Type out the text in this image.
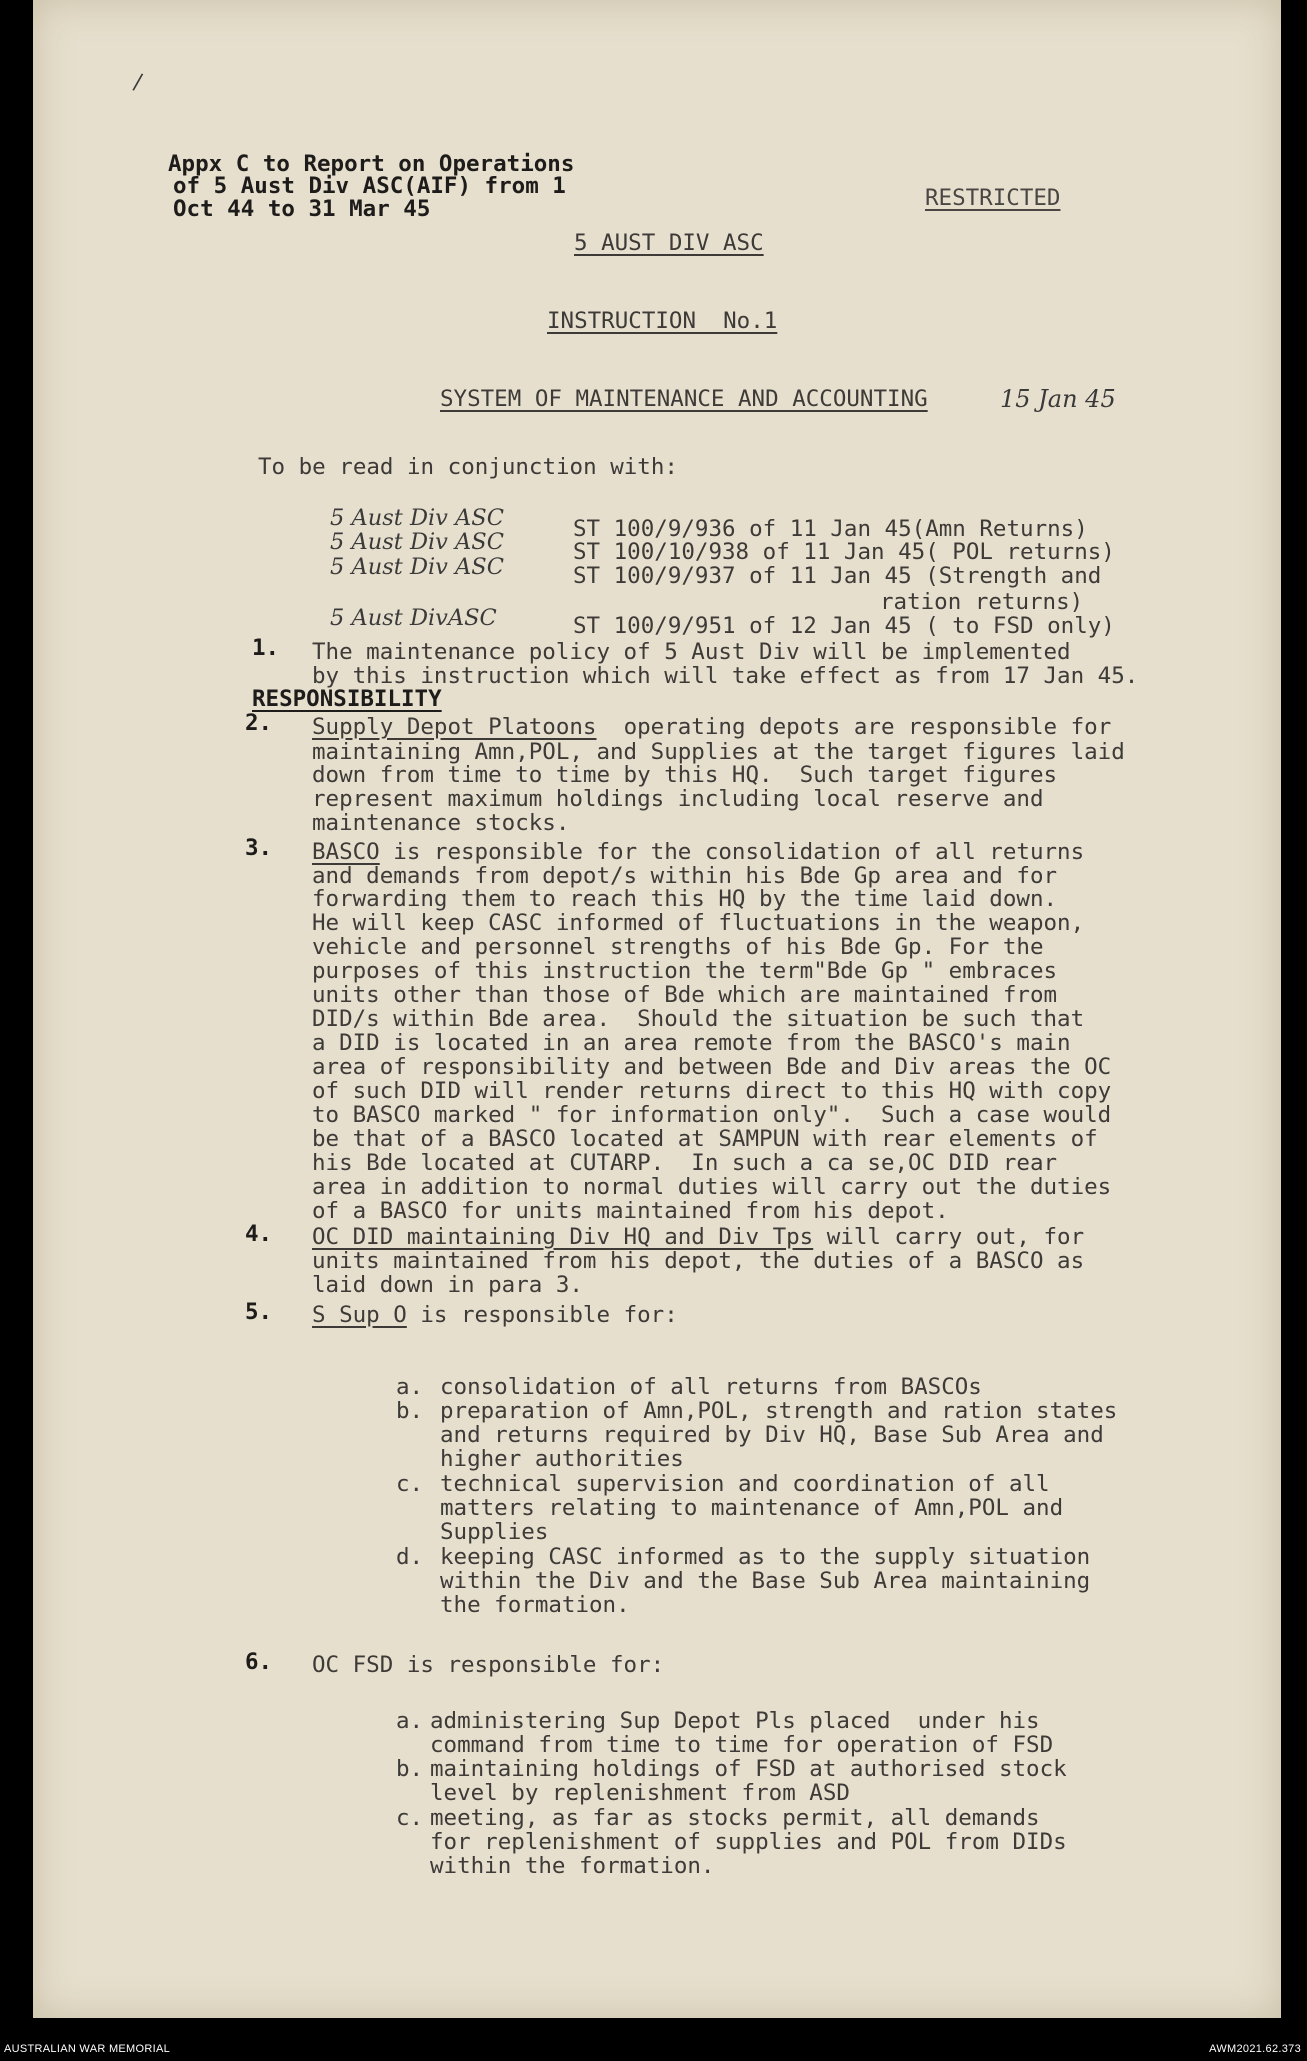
/
Appx C to Report on Operations
of 5 Aust Div ASC(AIF) from 1
Oct 44 to 31 Mar 45	RESTRICTED
5 AUST DIV ASC
INSTRUCTION  No.1
SYSTEM OF MAINTENANCE AND ACCOUNTING	15 Jan 45
To be read in conjunction with:
5 Aust Div ASC	ST 100/9/936 of 11 Jan 45(Amn Returns)
5 Aust Div ASC	ST 100/10/938 of 11 Jan 45( POL returns)
5 Aust Div ASC	ST 100/9/937 of 11 Jan 45 (Strength and
ration returns)
5 Aust DivASC	ST 100/9/951 of 12 Jan 45 ( to FSD only)
1. The maintenance policy of 5 Aust Div will be implemented
by this instruction which will take effect as from 17 Jan 45.
RESPONSIBILITY
2. Supply Depot Platoons  operating depots are responsible for
maintaining Amn,POL, and Supplies at the target figures laid
down from time to time by this HQ.  Such target figures
represent maximum holdings including local reserve and
maintenance stocks.
3. BASCO is responsible for the consolidation of all returns
and demands from depot/s within his Bde Gp area and for
forwarding them to reach this HQ by the time laid down.
He will keep CASC informed of fluctuations in the weapon,
vehicle and personnel strengths of his Bde Gp. For the
purposes of this instruction the term"Bde Gp " embraces
units other than those of Bde which are maintained from
DID/s within Bde area.  Should the situation be such that
a DID is located in an area remote from the BASCO's main
area of responsibility and between Bde and Div areas the OC
of such DID will render returns direct to this HQ with copy
to BASCO marked " for information only".  Such a case would
be that of a BASCO located at SAMPUN with rear elements of
his Bde located at CUTARP.  In such a ca se,OC DID rear
area in addition to normal duties will carry out the duties
of a BASCO for units maintained from his depot.
4. OC DID maintaining Div HQ and Div Tps will carry out, for
units maintained from his depot, the duties of a BASCO as
laid down in para 3.
5. S Sup O is responsible for:
a. consolidation of all returns from BASCOs
b. preparation of Amn,POL, strength and ration states
and returns required by Div HQ, Base Sub Area and
higher authorities
c. technical supervision and coordination of all
matters relating to maintenance of Amn,POL and
Supplies
d. keeping CASC informed as to the supply situation
within the Div and the Base Sub Area maintaining
the formation.
6. OC FSD is responsible for:
a. administering Sup Depot Pls placed  under his
command from time to time for operation of FSD
b. maintaining holdings of FSD at authorised stock
level by replenishment from ASD
c. meeting, as far as stocks permit, all demands
for replenishment of supplies and POL from DIDs
within the formation.
AUSTRALIAN WAR MEMORIAL	AWM2021.62.373
